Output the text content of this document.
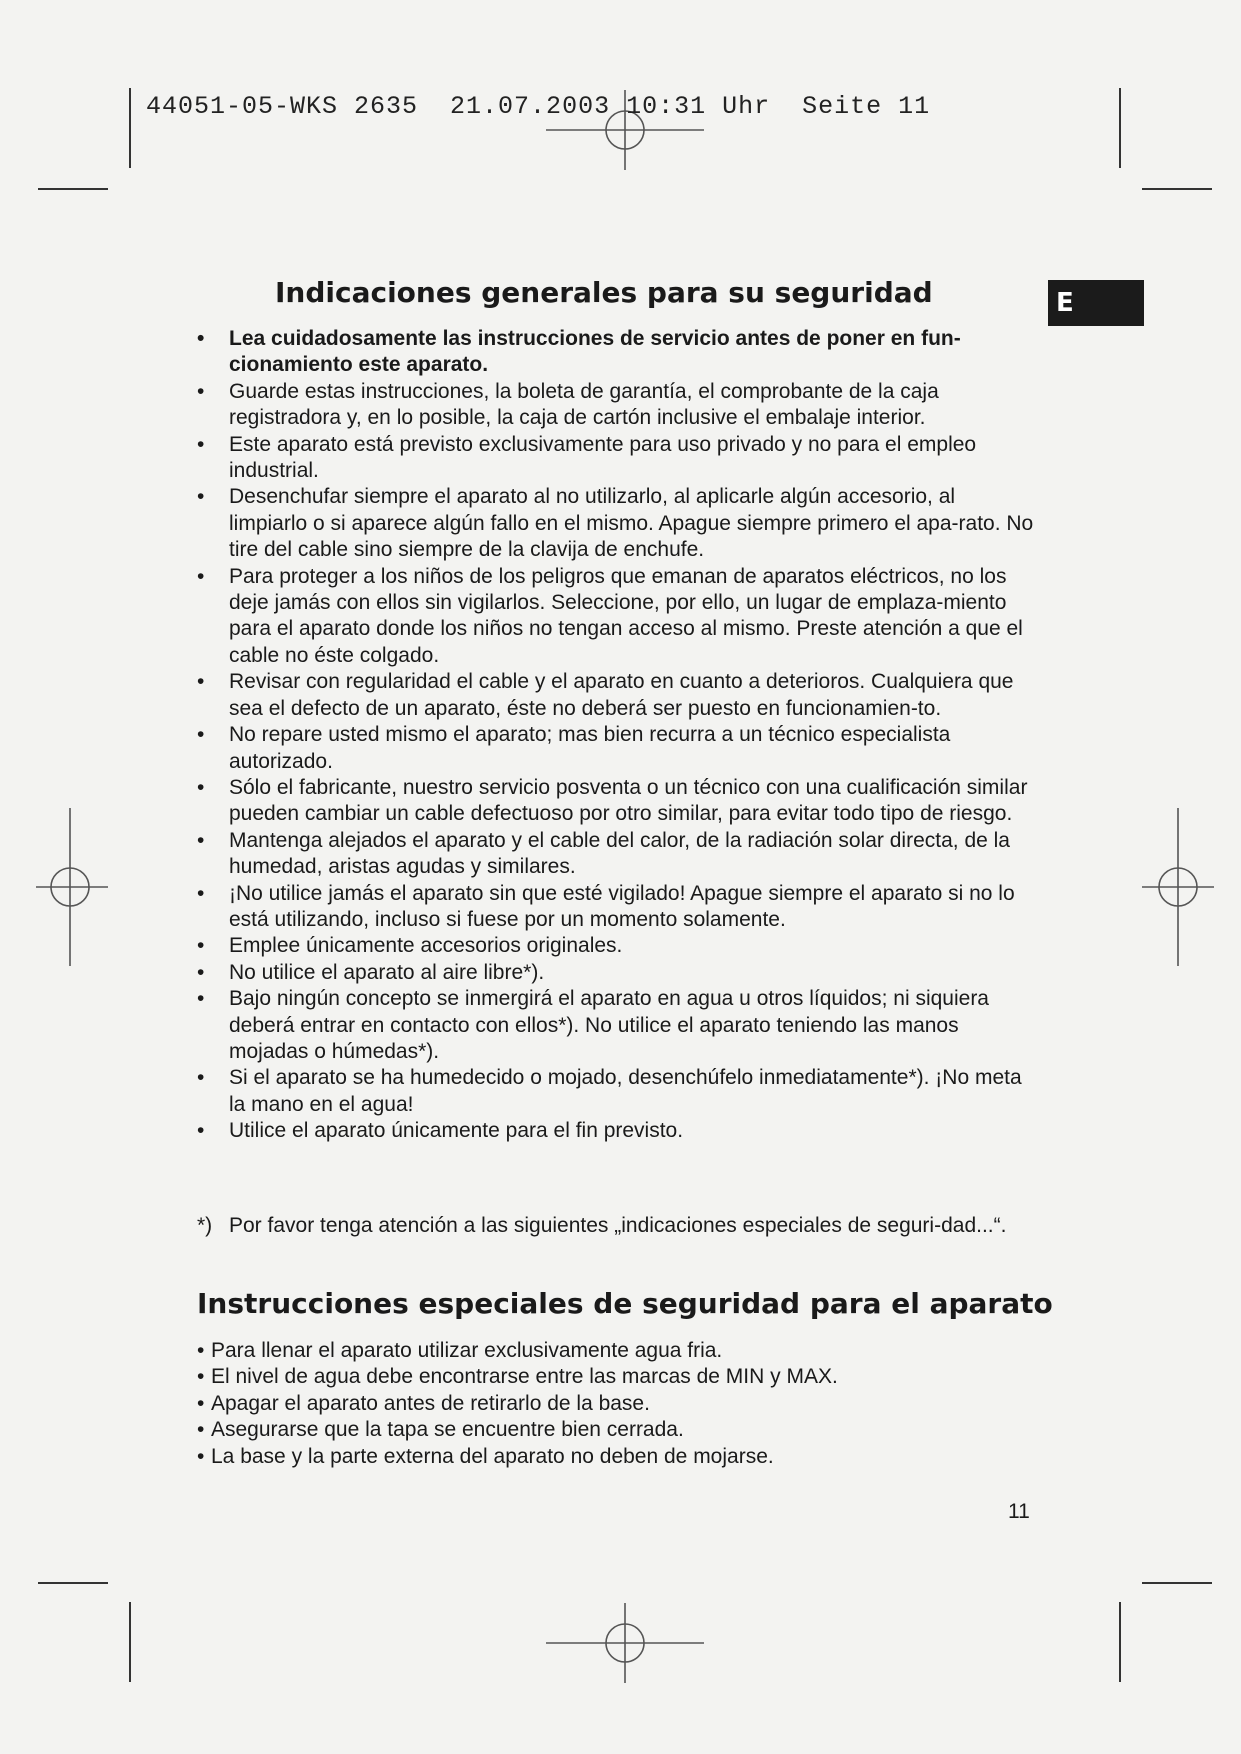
44051-05-WKS 2635  21.07.2003 10:31 Uhr  Seite 11
E
Indicaciones generales para su seguridad
•	Lea cuidadosamente las instrucciones de servicio antes de poner en fun-cionamiento este aparato.
•	Guarde estas instrucciones, la boleta de garantía, el comprobante de la caja registradora y, en lo posible, la caja de cartón inclusive el embalaje interior.
•	Este aparato está previsto exclusivamente para uso privado y no para el empleo industrial.
•	Desenchufar siempre el aparato al no utilizarlo, al aplicarle algún accesorio, al limpiarlo o si aparece algún fallo en el mismo. Apague siempre primero el apa-rato. No tire del cable sino siempre de la clavija de enchufe.
•	Para proteger a los niños de los peligros que emanan de aparatos eléctricos, no los deje jamás con ellos sin vigilarlos. Seleccione, por ello, un lugar de emplaza-miento para el aparato donde los niños no tengan acceso al mismo. Preste atención a que el cable no éste colgado.
•	Revisar con regularidad el cable y el aparato en cuanto a deterioros. Cualquiera que sea el defecto de un aparato, éste no deberá ser puesto en funcionamien-to.
•	No repare usted mismo el aparato; mas bien recurra a un técnico especialista autorizado.
•	Sólo el fabricante, nuestro servicio posventa o un técnico con una cualificación similar pueden cambiar un cable defectuoso por otro similar, para evitar todo tipo de riesgo.
•	Mantenga alejados el aparato y el cable del calor, de la radiación solar directa, de la humedad, aristas agudas y similares.
•	¡No utilice jamás el aparato sin que esté vigilado! Apague siempre el aparato si no lo está utilizando, incluso si fuese por un momento solamente.
•	Emplee únicamente accesorios originales.
•	No utilice el aparato al aire libre*).
•	Bajo ningún concepto se inmergirá el aparato en agua u otros líquidos; ni siquiera deberá entrar en contacto con ellos*). No utilice el aparato teniendo las manos mojadas o húmedas*).
•	Si el aparato se ha humedecido o mojado, desenchúfelo inmediatamente*). ¡No meta la mano en el agua!
•	Utilice el aparato únicamente para el fin previsto.
*) Por favor tenga atención a las siguientes „indicaciones especiales de seguri-dad...“.
Instrucciones especiales de seguridad para el aparato
• Para llenar el aparato utilizar exclusivamente agua fria.
• El nivel de agua debe encontrarse entre las marcas de MIN y MAX.
• Apagar el aparato antes de retirarlo de la base.
• Asegurarse que la tapa se encuentre bien cerrada.
• La base y la parte externa del aparato no deben de mojarse.
11
